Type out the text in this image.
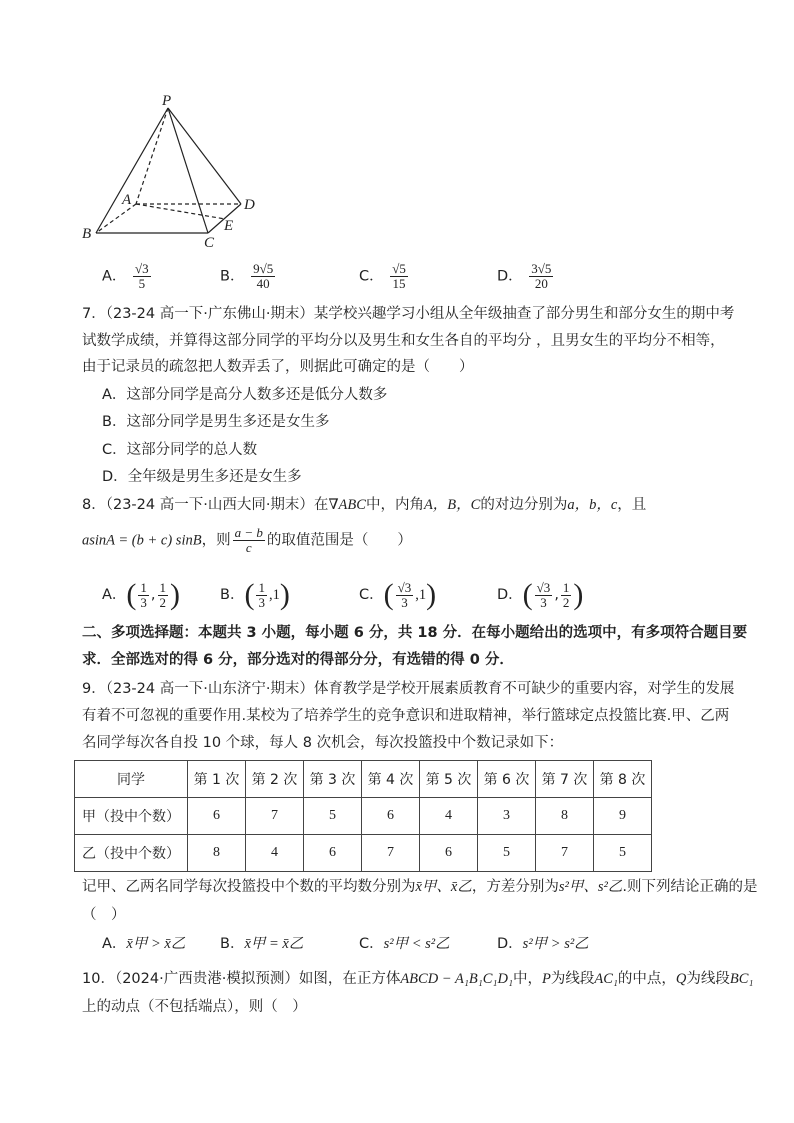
P
A
B
C
D
E
A． $\frac{√3}{5}$	B． $\frac{9√5}{40}$	C． $\frac{√5}{15}$	D． $\frac{3√5}{20}$
7．（23-24 高一下·广东佛山·期末）某学校兴趣学习小组从全年级抽查了部分男生和部分女生的期中考
试数学成绩，并算得这部分同学的平均分以及男生和女生各自的平均分 ，且男女生的平均分不相等，
由于记录员的疏忽把人数弄丢了，则据此可确定的是（　　）
A．这部分同学是高分人数多还是低分人数多
B．这部分同学是男生多还是女生多
C．这部分同学的总人数
D．全年级是男生多还是女生多
8．（23-24 高一下·山西大同·期末）在∇ABC中，内角A，B，C的对边分别为a，b，c，且
asinA = (b + c) sinB，则 $\frac{a - b}{c}$ 的取值范围是（　　）
A．( $\frac{1}{3}$ , $\frac{1}{2}$ )	B．( $\frac{1}{3} ,1$)	C．( $\frac{√3}{3} ,1$)	D．( $\frac{√3}{3}$ , $\frac{1}{2}$ )
二、多项选择题：本题共 3 小题，每小题 6 分，共 18 分．在每小题给出的选项中，有多项符合题目要
求．全部选对的得 6 分，部分选对的得部分分，有选错的得 0 分．
9．（23-24 高一下·山东济宁·期末）体育教学是学校开展素质教育不可缺少的重要内容，对学生的发展
有着不可忽视的重要作用.某校为了培养学生的竞争意识和进取精神，举行篮球定点投篮比赛.甲、乙两
名同学每次各自投 10 个球，每人 8 次机会，每次投篮投中个数记录如下：
同学	第 1 次	第 2 次	第 3 次	第 4 次	第 5 次	第 6 次	第 7 次	第 8 次
甲（投中个数）	6	7	5	6	4	3	8	9
乙（投中个数）	8	4	6	7	6	5	7	5
记甲、乙两名同学每次投篮投中个数的平均数分别为x̄甲、x̄乙，方差分别为s²甲、s²乙.则下列结论正确的是
（　）
A．x̄甲 > x̄乙 B．x̄甲 = x̄乙	C．s²甲 < s²乙	D．s²甲 > s²乙
10．（2024·广西贵港·模拟预测）如图，在正方体ABCD − A₁B₁C₁D₁中，P为线段AC₁的中点，Q为线段BC₁
上的动点（不包括端点），则（　）
